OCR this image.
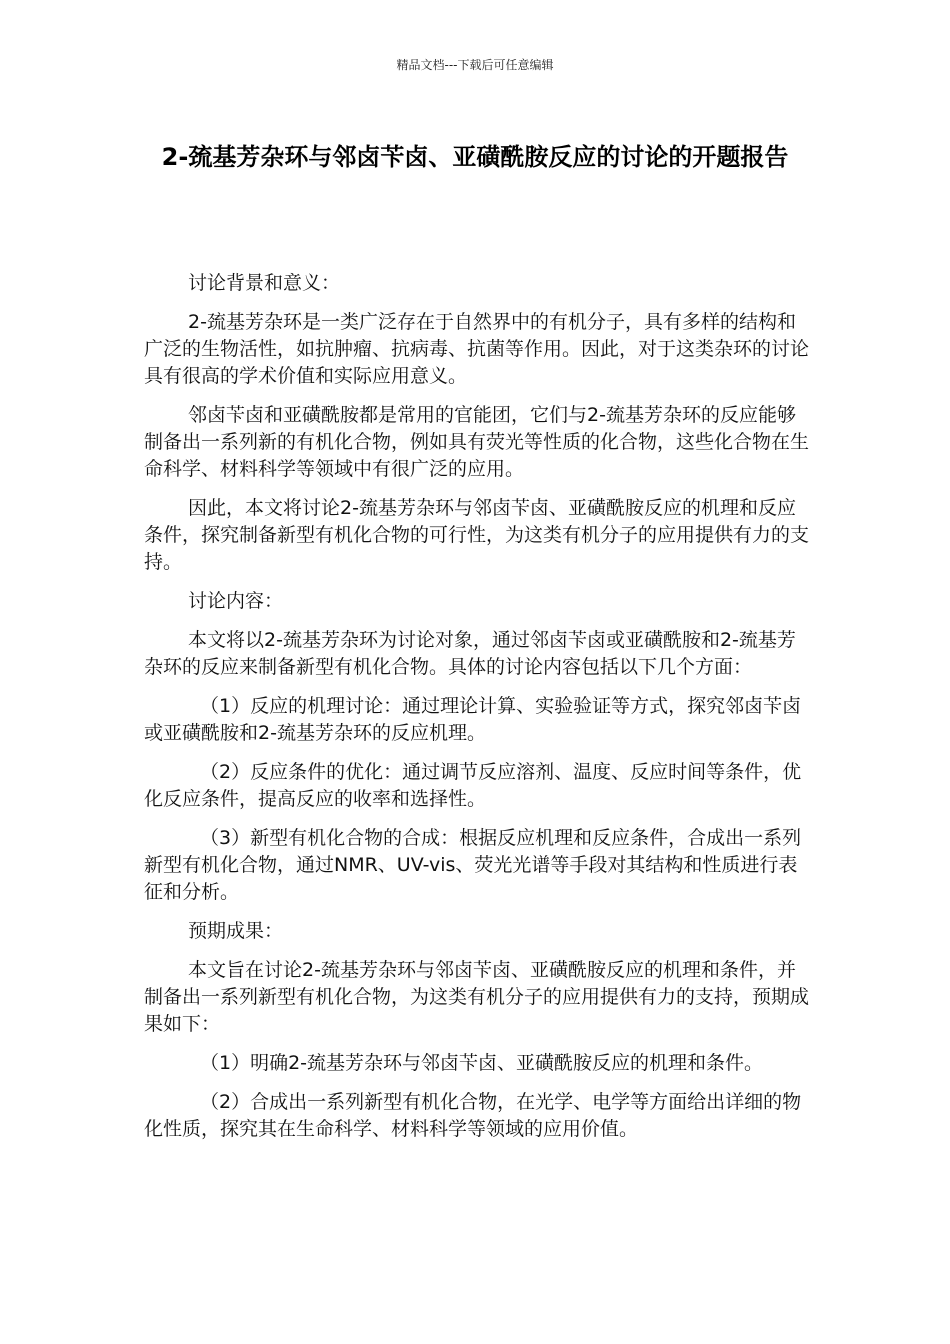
精品文档---下载后可任意编辑
2-巯基芳杂环与邻卤苄卤、亚磺酰胺反应的讨论的开题报告

讨论背景和意义：

2-巯基芳杂环是一类广泛存在于自然界中的有机分子，具有多样的结构和广泛的生物活性，如抗肿瘤、抗病毒、抗菌等作用。因此，对于这类杂环的讨论具有很高的学术价值和实际应用意义。

邻卤苄卤和亚磺酰胺都是常用的官能团，它们与2-巯基芳杂环的反应能够制备出一系列新的有机化合物，例如具有荧光等性质的化合物，这些化合物在生命科学、材料科学等领域中有很广泛的应用。

因此，本文将讨论2-巯基芳杂环与邻卤苄卤、亚磺酰胺反应的机理和反应条件，探究制备新型有机化合物的可行性，为这类有机分子的应用提供有力的支持。

讨论内容：

本文将以2-巯基芳杂环为讨论对象，通过邻卤苄卤或亚磺酰胺和2-巯基芳杂环的反应来制备新型有机化合物。具体的讨论内容包括以下几个方面：

（1）反应的机理讨论：通过理论计算、实验验证等方式，探究邻卤苄卤或亚磺酰胺和2-巯基芳杂环的反应机理。

（2）反应条件的优化：通过调节反应溶剂、温度、反应时间等条件，优化反应条件，提高反应的收率和选择性。

（3）新型有机化合物的合成：根据反应机理和反应条件，合成出一系列新型有机化合物，通过NMR、UV-vis、荧光光谱等手段对其结构和性质进行表征和分析。

预期成果：

本文旨在讨论2-巯基芳杂环与邻卤苄卤、亚磺酰胺反应的机理和条件，并制备出一系列新型有机化合物，为这类有机分子的应用提供有力的支持，预期成果如下：

（1）明确2-巯基芳杂环与邻卤苄卤、亚磺酰胺反应的机理和条件。

（2）合成出一系列新型有机化合物，在光学、电学等方面给出详细的物化性质，探究其在生命科学、材料科学等领域的应用价值。
